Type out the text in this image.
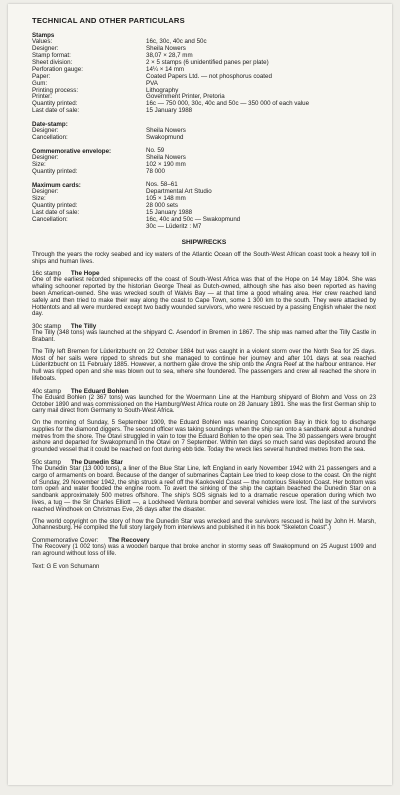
TECHNICAL AND OTHER PARTICULARS
Stamps
Values:	16c, 30c, 40c and 50c
Designer:	Sheila Nowers
Stamp format:	38,07 × 28,7 mm
Sheet division:	2 × 5 stamps (6 unidentified panes per plate)
Perforation gauge:	14¼ × 14 mm
Paper:	Coated Papers Ltd. — not phosphorus coated
Gum:	PVA
Printing process:	Lithography
Printer:	Government Printer, Pretoria
Quantity printed:	16c — 750 000, 30c, 40c and 50c — 350 000 of each value
Last date of sale:	15 January 1988
Date-stamp:
Designer:	Sheila Nowers
Cancellation:	Swakopmund
Commemorative envelope:	No. 59
Designer:	Sheila Nowers
Size:	102 × 190 mm
Quantity printed:	78 000
Maximum cards:	Nos. 58–61
Designer:	Departmental Art Studio
Size:	105 × 148 mm
Quantity printed:	28 000 sets
Last date of sale:	15 January 1988
Cancellation:	16c, 40c and 50c — Swakopmund
30c — Lüderitz : M7
SHIPWRECKS

Through the years the rocky seabed and icy waters of the Atlantic Ocean off the South-West African coast took a heavy toll in ships and human lives.

16c stamp The Hope

One of the earliest recorded shipwrecks off the coast of South-West Africa was that of the Hope on 14 May 1804. She was whaling schooner reported by the historian George Theal as Dutch-owned, although she has also been reported as having been American-owned. She was wrecked south of Walvis Bay — at that time a good whaling area. Her crew reached land safely and then tried to make their way along the coast to Cape Town, some 1 300 km to the south. They were attacked by Hottentots and all were murdered except two badly wounded survivors, who were rescued by a passing English whaler the next day.

30c stamp The Tilly

The Tilly (348 tons) was launched at the shipyard C. Asendorf in Bremen in 1867. The ship was named after the Tilly Castle in Brabant.

The Tilly left Bremen for Lüderitzbucht on 22 October 1884 but was caught in a violent storm over the North Sea for 25 days. Most of her sails were ripped to shreds but she managed to continue her journey and after 101 days at sea reached Lüderitzbucht on 11 February 1885. However, a northern gale drove the ship onto the Angra Reef at the harbour entrance. Her hull was ripped open and she was blown out to sea, where she foundered. The passengers and crew all reached the shore in lifeboats.

40c stamp The Eduard Bohlen

The Eduard Bohlen (2 367 tons) was launched for the Woermann Line at the Hamburg shipyard of Blohm and Voss on 23 October 1890 and was commissioned on the Hamburg/West Africa route on 28 January 1891. She was the first German ship to carry mail direct from Germany to South-West Africa.

On the morning of Sunday, 5 September 1909, the Eduard Bohlen was nearing Conception Bay in thick fog to discharge supplies for the diamond diggers. The second officer was taking soundings when the ship ran onto a sandbank about a hundred metres from the shore. The Otavi struggled in vain to tow the Eduard Bohlen to the open sea. The 30 passengers were brought ashore and departed for Swakopmund in the Otavi on 7 September. Within ten days so much sand was deposited around the grounded vessel that it could be reached on foot during ebb tide. Today the wreck lies several hundred metres from the sea.

50c stamp The Dunedin Star

The Dunedin Star (13 000 tons), a liner of the Blue Star Line, left England in early November 1942 with 21 passengers and a cargo of armaments on board. Because of the danger of submarines Captain Lee tried to keep close to the coast. On the night of Sunday, 29 November 1942, the ship struck a reef off the Kaokoveld Coast — the notorious Skeleton Coast. Her bottom was torn open and water flooded the engine room. To avert the sinking of the ship the captain beached the Dunedin Star on a sandbank approximately 500 metres offshore. The ship's SOS signals led to a dramatic rescue operation during which two lives, a tug — the Sir Charles Elliott —, a Lockheed Ventura bomber and several vehicles were lost. The last of the survivors reached Windhoek on Christmas Eve, 26 days after the disaster.

(The world copyright on the story of how the Dunedin Star was wrecked and the survivors rescued is held by John H. Marsh, Johannesburg. He compiled the full story largely from interviews and published it in his book "Skeleton Coast".)

Commemorative Cover: The Recovery

The Recovery (1 002 tons) was a wooden barque that broke anchor in stormy seas off Swakopmund on 25 August 1909 and ran aground without loss of life.

Text: G E von Schumann
